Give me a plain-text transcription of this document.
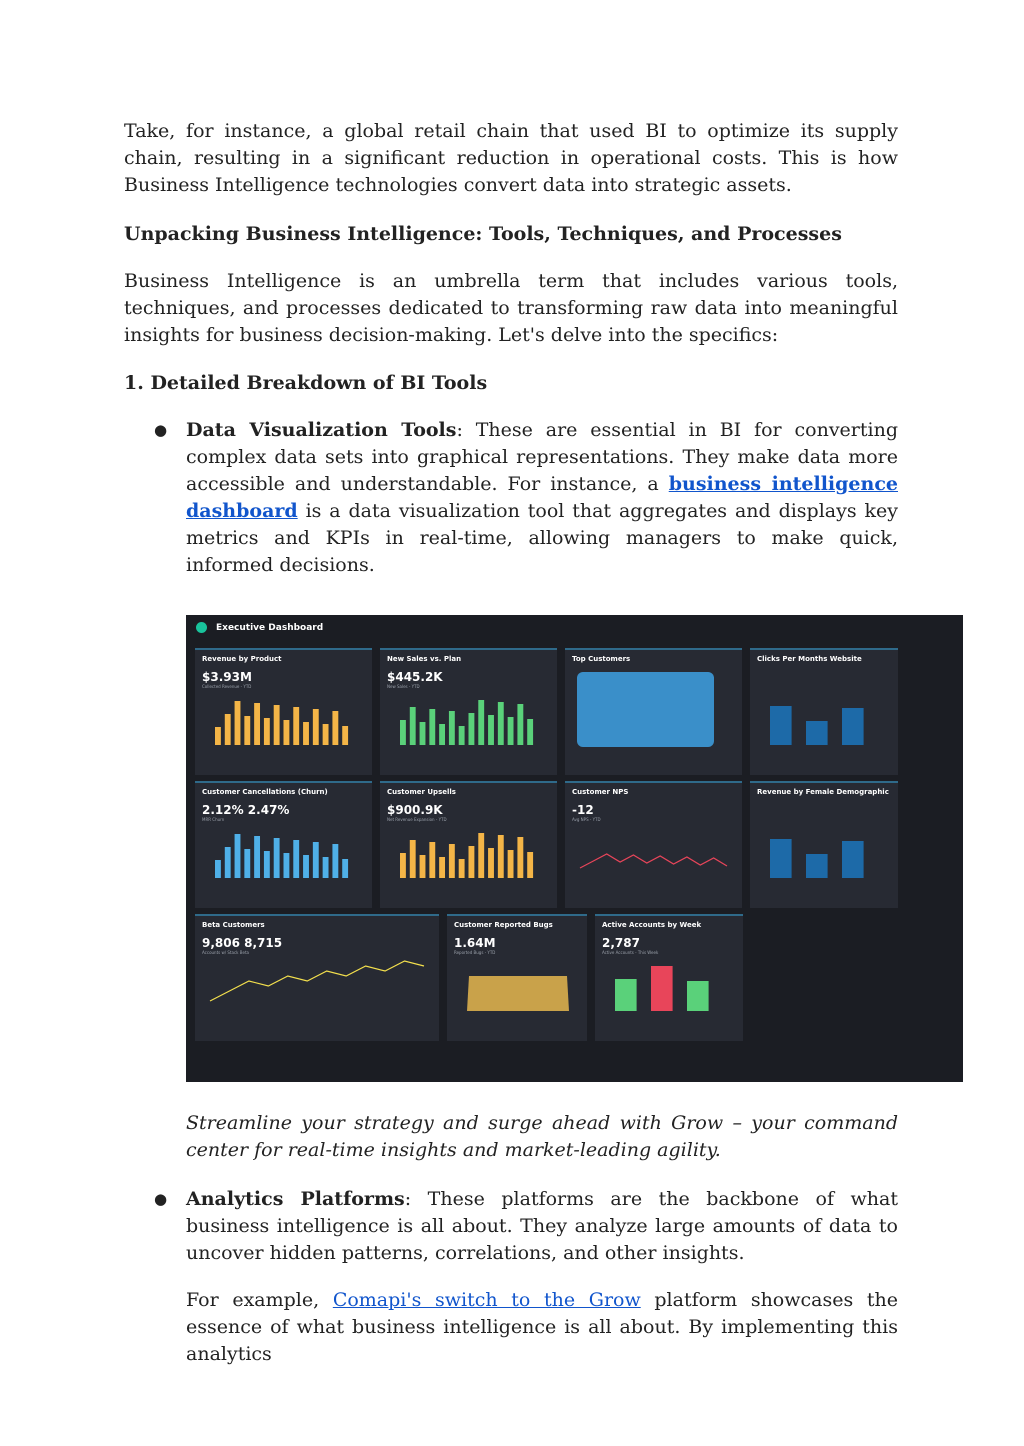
Take, for instance, a global retail chain that used BI to optimize its supply chain, resulting in a significant reduction in operational costs. This is how Business Intelligence technologies convert data into strategic assets.

Unpacking Business Intelligence: Tools, Techniques, and Processes

Business Intelligence is an umbrella term that includes various tools, techniques, and processes dedicated to transforming raw data into meaningful insights for business decision-making. Let's delve into the specifics:

1. Detailed Breakdown of BI Tools
● Data Visualization Tools: These are essential in BI for converting complex data sets into graphical representations. They make data more accessible and understandable. For instance, a business intelligence dashboard is a data visualization tool that aggregates and displays key metrics and KPIs in real-time, allowing managers to make quick, informed decisions.

Executive Dashboard
Revenue by Product
$3.93M
Collected Revenue - YTD
New Sales vs. Plan
$445.2K
New Sales - YTD
Top Customers	Clicks Per Months Website
Customer Cancellations (Churn)
2.12% 2.47%
MRR Churn
Customer Upsells
$900.9K
Net Revenue Expansion - YTD
Customer NPS
-12
Avg NPS - YTD
Revenue by Female Demographic
Beta Customers
9,806 8,715
Accounts w/ Stack Beta
Customer Reported Bugs
1.64M
Reported Bugs - YTD
Active Accounts by Week
2,787
Active Accounts - This Week

Streamline your strategy and surge ahead with Grow – your command center for real-time insights and market-leading agility.

● Analytics Platforms: These platforms are the backbone of what business intelligence is all about. They analyze large amounts of data to uncover hidden patterns, correlations, and other insights.

For example, Comapi's switch to the Grow platform showcases the essence of what business intelligence is all about. By implementing this analytics
